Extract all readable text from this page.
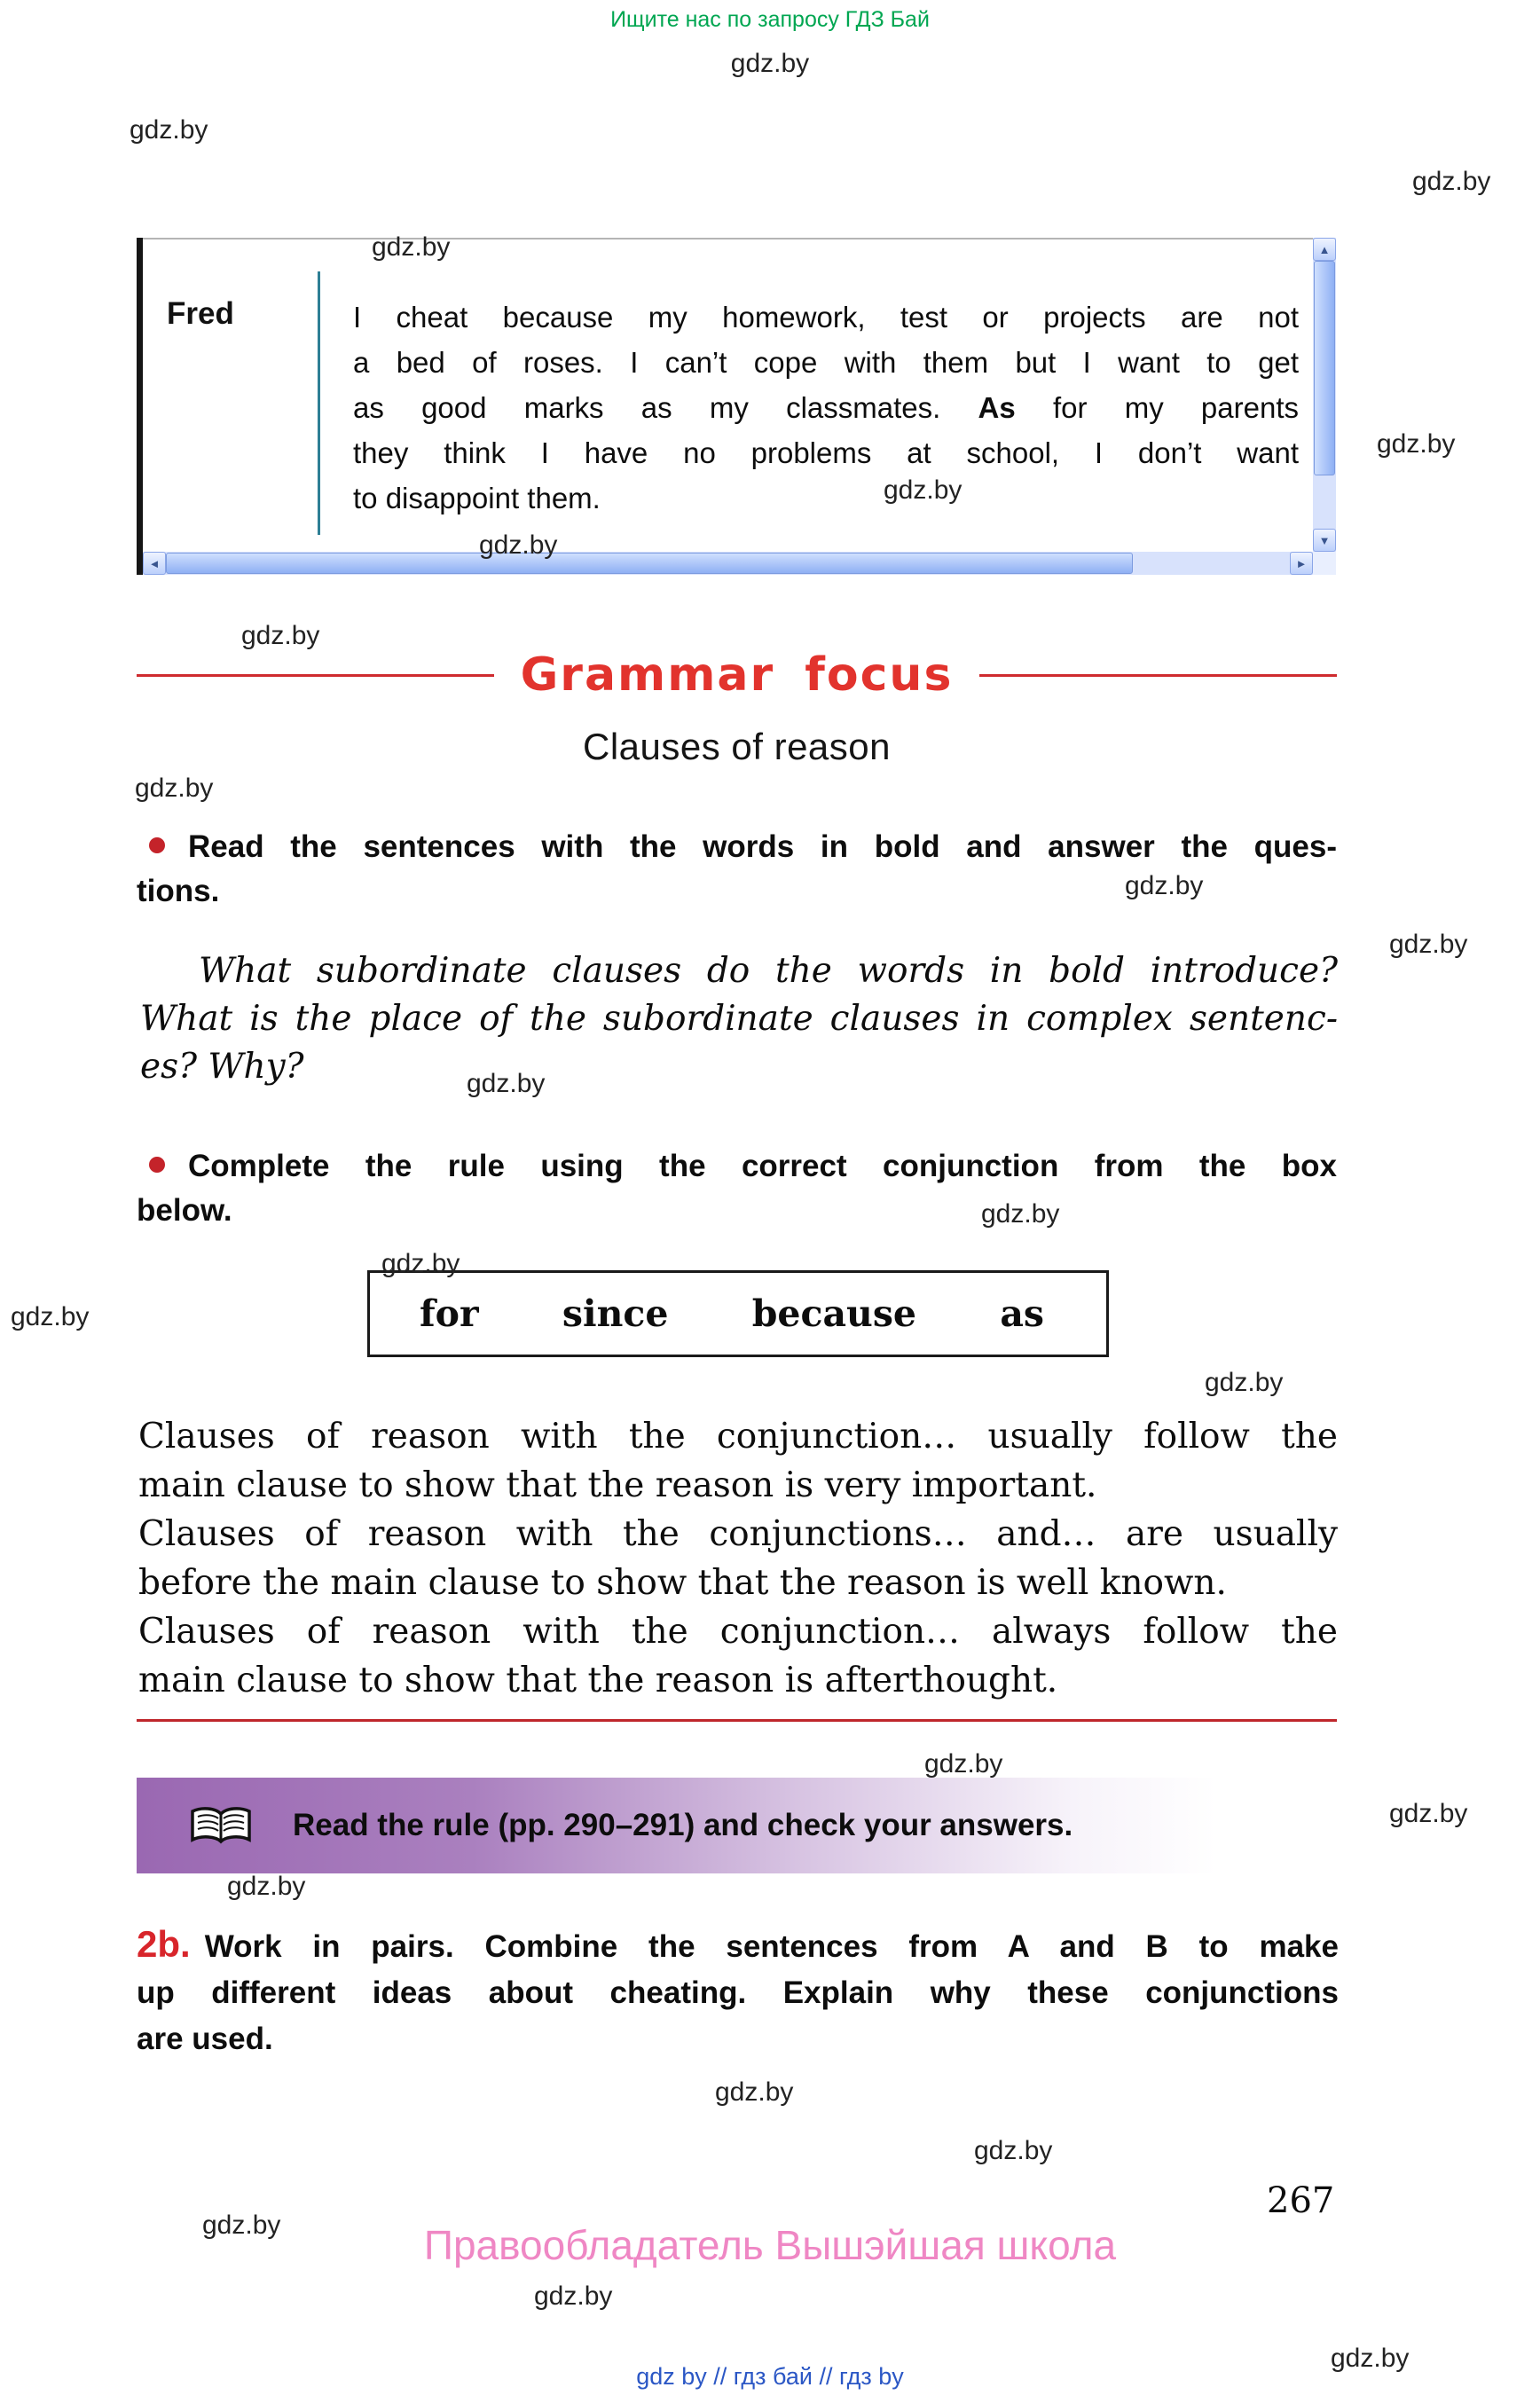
Ищите нас по запросу ГДЗ Бай
gdz.by
gdz.by
gdz.by
gdz.by
gdz.by
gdz.by
gdz.by
gdz.by
gdz.by
gdz.by
gdz.by
gdz.by
gdz.by
gdz.by
gdz.by
gdz.by
gdz.by
gdz.by
gdz.by
gdz.by
gdz.by
gdz.by
gdz.by
gdz.by
Fred	I cheat because my homework, test or projects are not
a bed of roses. I can’t cope with them but I want to get
as good marks as my classmates. As for my parents
they think I have no problems at school, I don’t want
to disappoint them.
▲
▼
◄	►
Grammar focus
Clauses of reason
Read the sentences with the words in bold and answer the ques-
tions.
What subordinate clauses do the words in bold introduce?
What is the place of the subordinate clauses in complex sentenc-
es? Why?
Complete the rule using the correct conjunction from the box
below.
for since because as
Clauses of reason with the conjunction… usually follow the
main clause to show that the reason is very important.
Clauses of reason with the conjunctions… and… are usually
before the main clause to show that the reason is well known.
Clauses of reason with the conjunction… always follow the
main clause to show that the reason is afterthought.
Read the rule (pp. 290–291) and check your answers.
2b. Work in pairs. Combine the sentences from A and B to make
up different ideas about cheating. Explain why these conjunctions
are used.
267
Правообладатель Вышэйшая школа
gdz by // гдз бай // гдз by
